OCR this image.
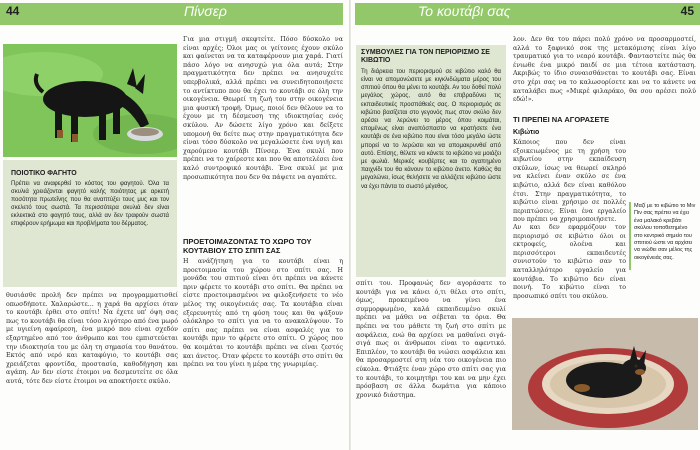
44	Πίνσερ	Το κουτάβι σας	45
ΠΟΙΟΤΙΚΟ ΦΑΓΗΤΟ
Πρέπει να αναφερθεί το κόστος του φαγητού. Όλα τα σκυλιά χρειάζονται φαγητό καλής ποιότητας με αρκετή ποσότητα πρωτεΐνης που θα αναπτύξει τους μυς και τον σκελετό τους σωστά. Τα περισσότερα σκυλιά δεν είναι εκλεκτικά στο φαγητό τους, αλλά αν δεν τραφούν σωστά επιφέρουν ερήμωμα και προβλήματα του δέρματος.

θυσιάσθε προλή δεν πρέπει να προγραμματισθεί οπωσδήποτε. Χαλαρώστε... η χαρά θα αρχίσει όταν το κουτάβι έρθει στο σπίτι! Να έχετε υπ' όψη σας πως το κουτάβι θα είναι τόσο λιγότερο από ένα μωρό με υγιείνη αφαίρεση, ένα μικρό που είναι σχεδόν εξαρτημένο από τον άνθρωπο και του εμπιστεύεται την ιδιοκτησία του με όλη τη σημασία του θανάτου. Εκτός από νερό και καταφύγιο, το κουτάβι σας χρειάζεται φροντίδα, προστασία, καθοδήγηση και αγάπη. Αν δεν είστε έτοιμοι να δεσμευτείτε σε όλα αυτά, τότε δεν είστε έτοιμοι να αποκτήσετε σκύλο.

Για μια στιγμή σκεφτείτε. Πόσο δύσκολο να είναι αρχές; Όλοι μας οι γείτονες έχουν σκύλο και φαίνεται να τα καταφέρνουν μια χαρά. Γιατί πάσο λόγο να ανησυχώ για όλα αυτά; Στην πραγματικότητα δεν πρέπει να ανησυχείτε υπερβολικά, αλλά πρέπει να συνειδητοποιήσετε το αντίκτυπο που θα έχει το κουτάβι σε όλη την οικογένεια. Θεωρεί τη ζωή του στην οικογένεια μια φυσική τροφή. Όμως, ποιοί δεν θέλουν να το έχουν με τη δέσμευση της ιδιοκτησίας ενός σκύλου. Αν δώσετε λίγο χρόνο και δείξετε υπομονή θα δείτε πως στην πραγματικότητα δεν είναι τόσο δύσκολο να μεγαλώσετε ένα υγιή και χαρούμενο κουτάβι Πίνσερ. Ένα σκυλί που πρέπει να το χαίρεστε και που θα αποτελέσει ένα καλό συντροφικό κουτάβι. Ένα σκυλί με μια προσωπικότητα που δεν θα πάψετε να αγαπάτε.

ΠΡΟΕΤΟΙΜΑΖΟΝΤΑΣ ΤΟ ΧΩΡΟ ΤΟΥ ΚΟΥΤΑΒΙΟΥ ΣΤΟ ΣΠΙΤΙ ΣΑΣ

Η ανάζήτηση για το κουτάβι είναι η προετοιμασία του χώρου στο σπίτι σας. Η μονάδα του σπιτιού είναι ότι πρέπει να κάνετε πριν φέρετε το κουτάβι στο σπίτι. Θα πρέπει να είστε προετοιμασμένοι να φιλοξενήσετε το νέο μέλος της οικογένειάς σας. Τα κουτάβια είναι εξερευνητές από τη φύση τους και θα ψάξουν ολόκληρο το σπίτι για να το ανακαλύψουν. Το σπίτι σας πρέπει να είναι ασφαλές για το κουτάβι πριν το φέρετε στο σπίτι. Ο χώρος που θα κοιμάται το κουτάβι πρέπει να είναι ζεστός και άνετος. Όταν φέρετε το κουτάβι στο σπίτι θα πρέπει να του γίνει η μέρα της γνωριμίας.

ΣΥΜΒΟΥΛΕΣ ΓΙΑ ΤΟΝ ΠΕΡΙΟΡΙΣΜΟ ΣΕ ΚΙΒΩΤΙΟ
Τη διάρκεια του περιορισμού σε κιβώτιο καλό θα είναι να απομονώσετε με κιγκλιδώματα μέρος του σπιτιού όπου θα μένει το κουτάβι. Αν του δοθεί πολύ μεγάλος χώρος, αυτό θα επιβραδύνει τις εκπαιδευτικές προσπάθειές σας. Ο περιορισμός σε κιβώτιο βασίζεται στο γεγονός πως στον σκύλο δεν αρέσει να λερώνει το μέρος όπου κοιμάται, επομένως είναι αναπόσπαστο να κρατήσετε ένα κουτάβι σε ένα κιβώτιο που είναι τόσο μεγάλο ώστε μπορεί να το λερώσει και να απομακρυνθεί από αυτό. Επίσης, θέλετε να κάνετε το κιβώτιο να μοιάζει με φωλιά. Μερικές κουβέρτες και το αγαπημένο παιχνίδι του θα κάνουν το κιβώτιο άνετο. Καθώς θα μεγαλώνει, ίσως θελήσετε να αλλάζετε κιβώτιο ώστε να έχει πάντα το σωστό μέγεθος.

σπίτι του. Προφανώς δεν αγοράσατε το κουτάβι για να κάνει ό,τι θέλει στο σπίτι, όμως, προκειμένου να γίνει ένα συμμορφωμένο, καλά εκπαιδευμένο σκυλί πρέπει να μάθει να σέβεται τα όρια. Θα πρέπει να του μάθετε τη ζωή στο σπίτι με ασφάλεια, ενώ θα αρχίσει να μαθαίνει σιγά-σιγά πως οι άνθρωποι είναι το αφεντικό. Επιπλέον, το κουτάβι θα νιώσει ασφάλεια και θα προσαρμοστεί στη νέα του οικογένεια πιο εύκολα. Φτιάξτε έναν χώρο στο σπίτι σας για το κουτάβι, το κοιμητήρι του και να μην έχει πρόσβαση σε άλλα δωμάτια για κάποιο χρονικό διάστημα.

λον. Δεν θα του πάρει πολύ χρόνο να προσαρμοστεί, αλλά το ξαφνικό σοκ της μετακόμισης είναι λίγο τραυματικό για το νεαρό κουτάβι. Φανταστείτε πώς θα ένιωθε ένα μικρό παιδί σε μια τέτοια κατάσταση. Ακριβώς το ίδιο συναισθάνεται το κουτάβι σας. Είναι στο χέρι σας να το καλωσορίσετε και να το κάνετε να καταλάβει πως «Μικρέ φιλαράκο, θα σου αρέσει πολύ εδώ!».

ΤΙ ΠΡΕΠΕΙ ΝΑ ΑΓΟΡΑΣΕΤΕ
Κιβώτιο

Κάποιος που δεν είναι εξοικειωμένος με τη χρήση του κιβωτίου στην εκπαίδευση σκύλων, ίσως να θεωρεί σκληρό να κλείνει έναν σκύλο σε ένα κιβώτιο, αλλά δεν είναι καθόλου έτσι. Στην πραγματικότητα, το κιβώτιο είναι χρήσιμο σε πολλές περιπτώσεις. Είναι ένα εργαλείο που πρέπει να χρησιμοποιήσετε.

Αν και δεν εφαρμόζουν τον περιορισμό σε κιβώτιο όλοι οι εκτροφείς, ολοένα και περισσότεροι εκπαιδευτές συνιστούν το κιβώτιο σαν το καταλληλότερο εργαλείο για κουτάβια. Το κιβώτιο δεν είναι ποινή. Το κιβώτιο είναι το προσωπικό σπίτι του σκύλου.

Μαζί με το κιβώτιο το Μιν Πιν σας πρέπει να έχει ένα μαλακό κρεβάτι σκύλου τοποθετημένο στο κεντρικό σημείο του σπιτιού ώστε να αρχίσει να νιώθει σαν μέλος της οικογένειάς σας.
